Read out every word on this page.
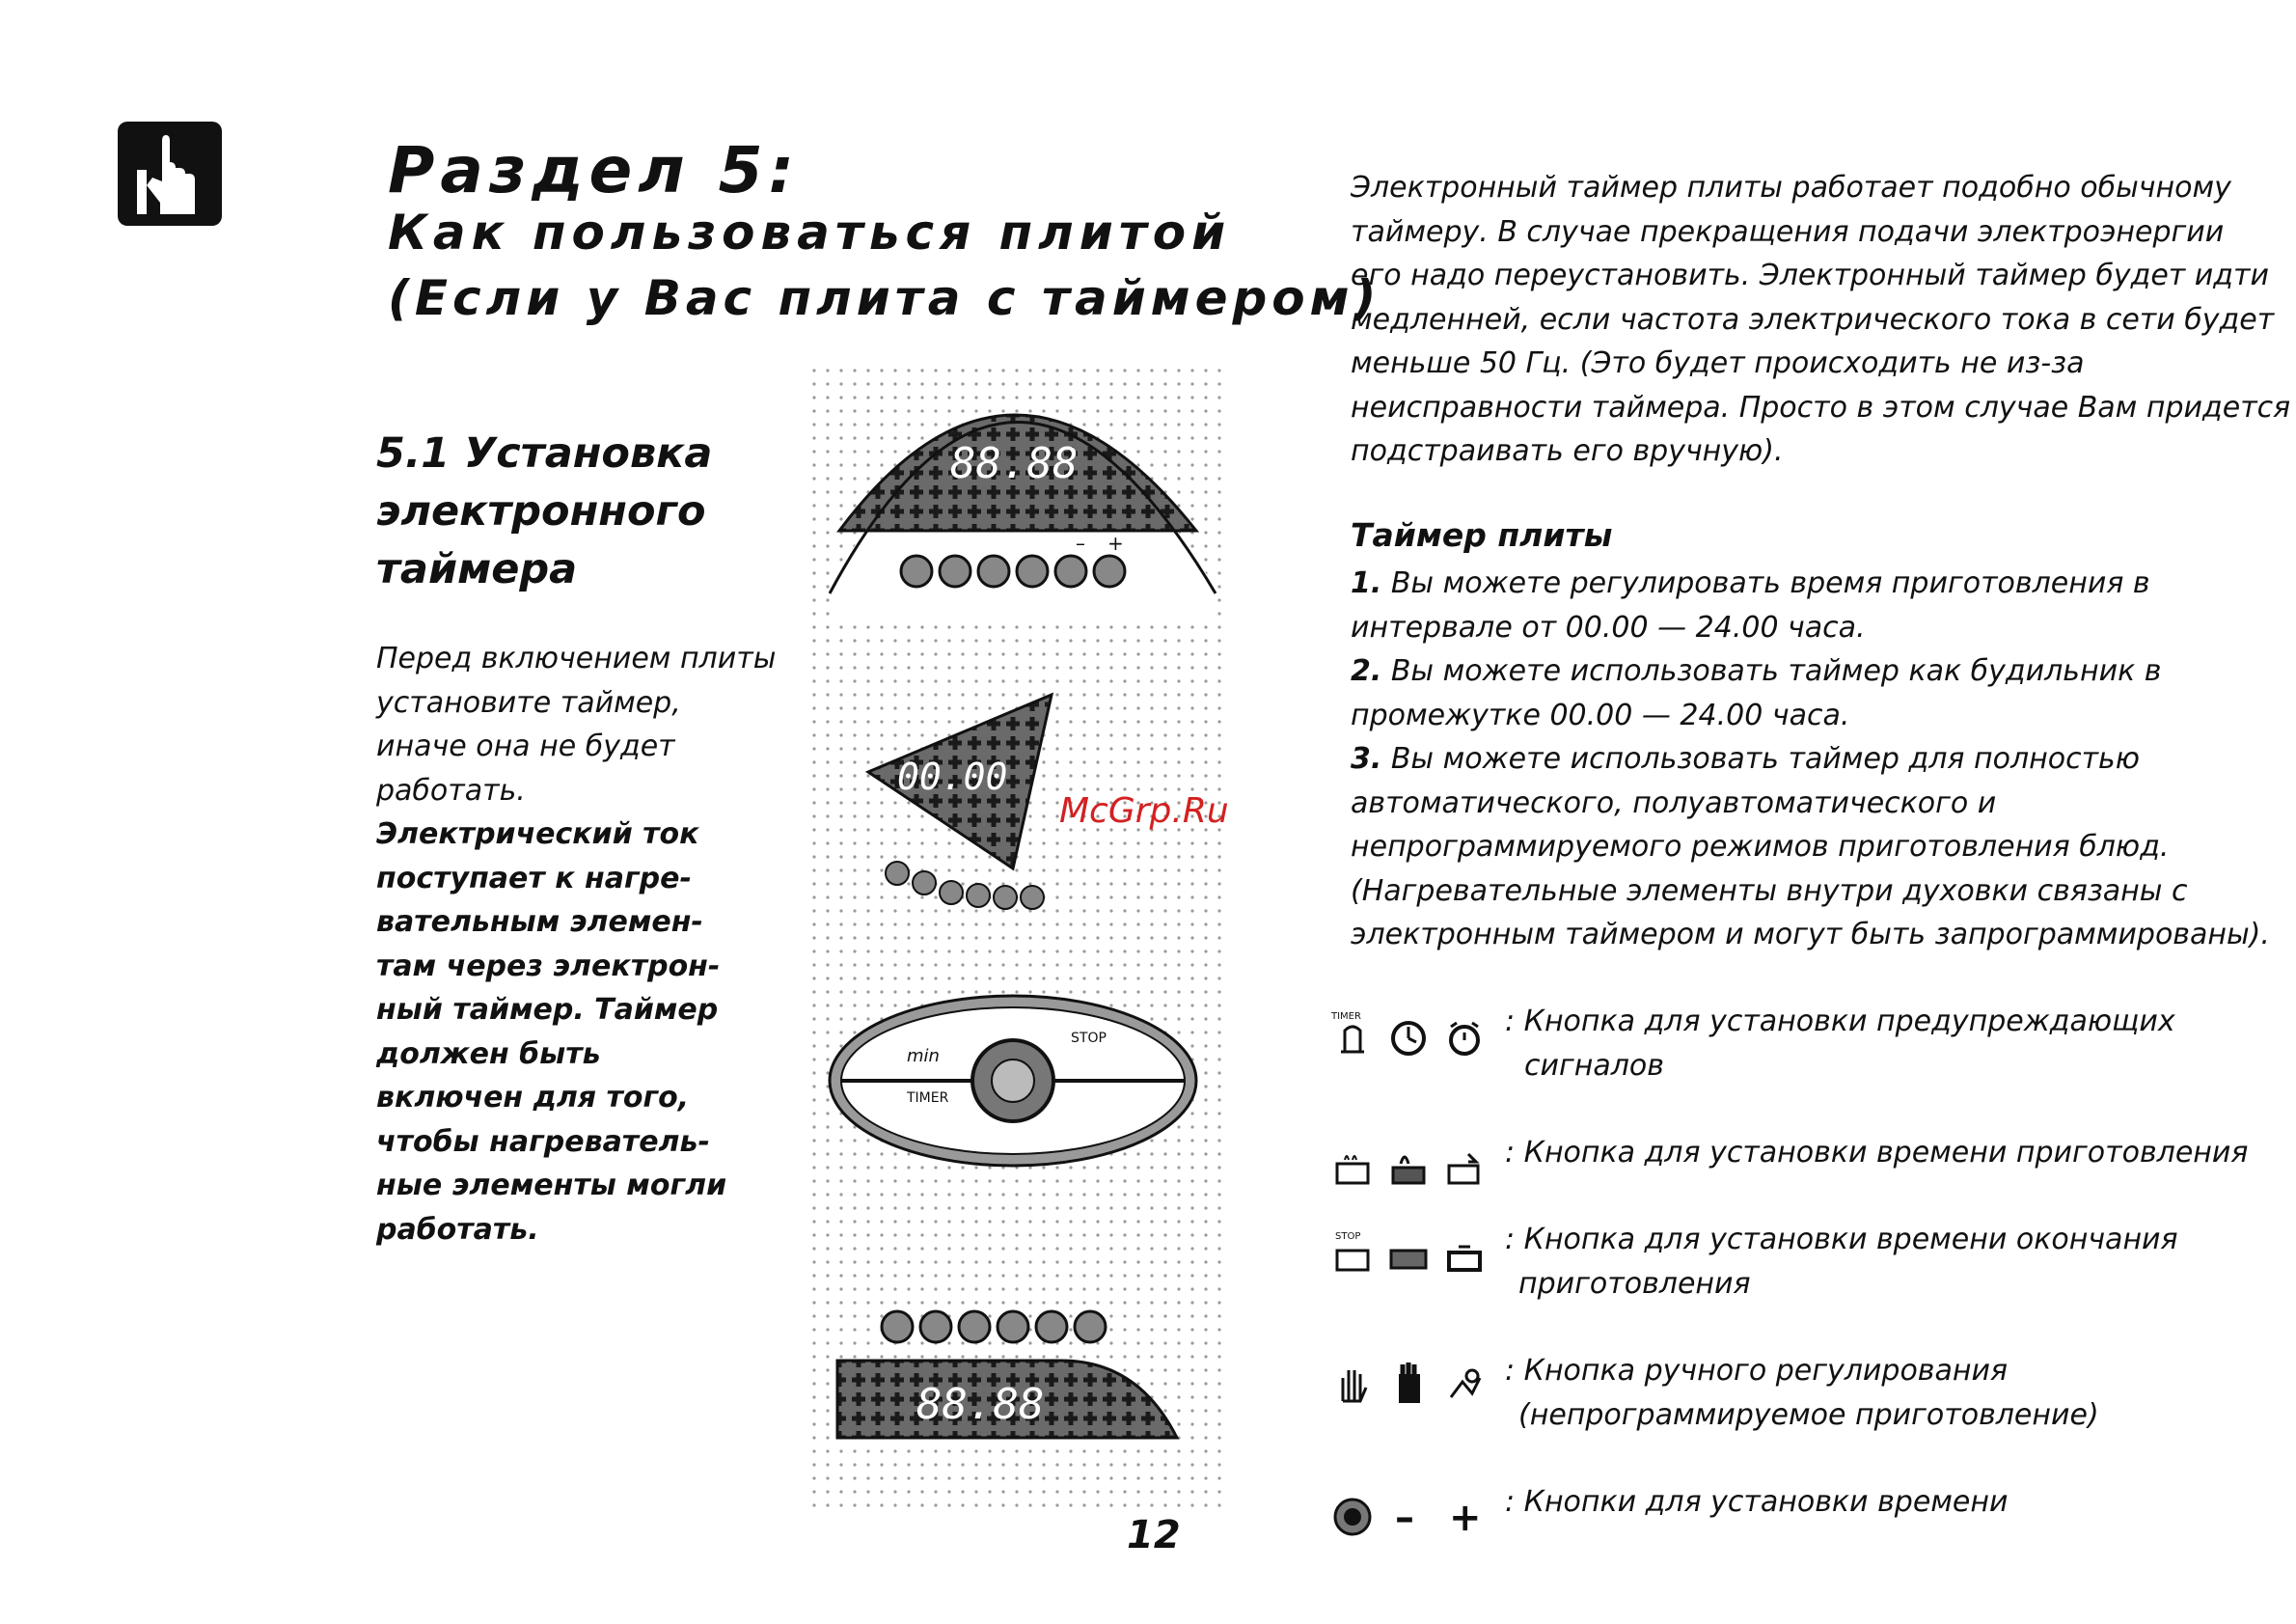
Раздел 5:
Как пользоваться плитой
(Если у Вас плита с таймером)
5.1 Установка
электронного
таймера
Перед включением плиты
установите таймер,
иначе она не будет
работать.
Электрический ток
поступает к нагре-
вательным элемен-
там через электрон-
ный таймер. Таймер
должен быть
включен для того,
чтобы нагреватель-
ные элементы могли
работать.
88.88
– +
00.00
min
STOP
TIMER
88.88
McGrp.Ru
Электронный таймер плиты работает подобно обычному
таймеру. В случае прекращения подачи электроэнергии
его надо переустановить. Электронный таймер будет идти
медленней, если частота электрического тока в сети будет
меньше 50 Гц. (Это будет происходить не из-за
неисправности таймера. Просто в этом случае Вам придется
подстраивать его вручную).
Таймер плиты
1. Вы можете регулировать время приготовления в
интервале от 00.00 — 24.00 часа.
2. Вы можете использовать таймер как будильник в
промежутке 00.00 — 24.00 часа.
3. Вы можете использовать таймер для полностью
автоматического, полуавтоматического и
непрограммируемого режимов приготовления блюд.
(Нагревательные элементы внутри духовки связаны с
электронным таймером и могут быть запрограммированы).
TIMER	: Кнопка для установки предупреждающих
сигналов
: Кнопка для установки времени приготовления
STOP	: Кнопка для установки времени окончания
приготовления
: Кнопка ручного регулирования
(непрограммируемое приготовление)
– + : Кнопки для установки времени
12
